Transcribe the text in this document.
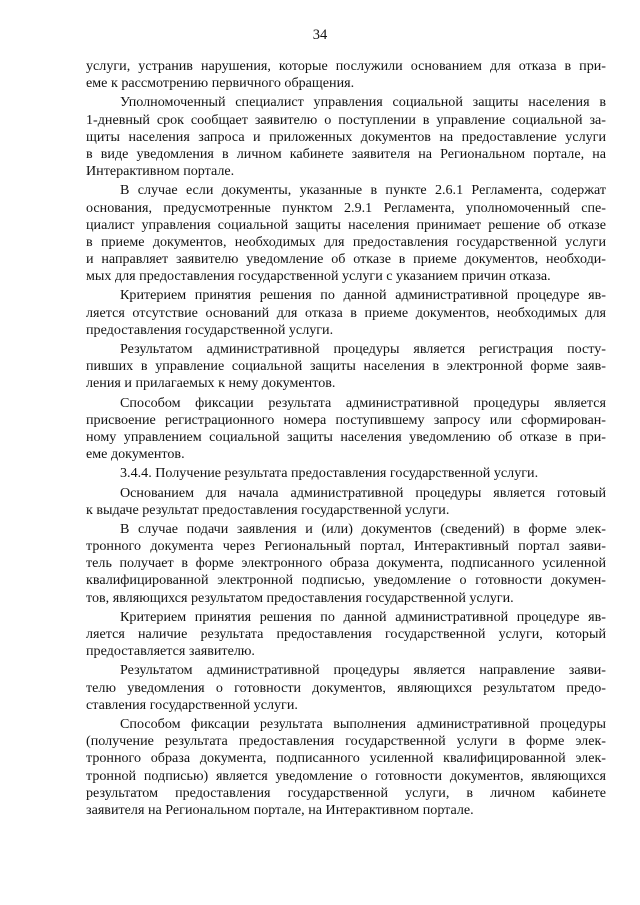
34
услуги, устранив нарушения, которые послужили основанием для отказа в при-
еме к рассмотрению первичного обращения.
Уполномоченный специалист управления социальной защиты населения в
1-дневный срок сообщает заявителю о поступлении в управление социальной за-
щиты населения запроса и приложенных документов на предоставление услуги
в виде уведомления в личном кабинете заявителя на Региональном портале, на
Интерактивном портале.
В случае если документы, указанные в пункте 2.6.1 Регламента, содержат
основания, предусмотренные пунктом 2.9.1 Регламента, уполномоченный спе-
циалист управления социальной защиты населения принимает решение об отказе
в приеме документов, необходимых для предоставления государственной услуги
и направляет заявителю уведомление об отказе в приеме документов, необходи-
мых для предоставления государственной услуги с указанием причин отказа.
Критерием принятия решения по данной административной процедуре яв-
ляется отсутствие оснований для отказа в приеме документов, необходимых для
предоставления государственной услуги.
Результатом административной процедуры является регистрация посту-
пивших в управление социальной защиты населения в электронной форме заяв-
ления и прилагаемых к нему документов.
Способом фиксации результата административной процедуры является
присвоение регистрационного номера поступившему запросу или сформирован-
ному управлением социальной защиты населения уведомлению об отказе в при-
еме документов.
3.4.4. Получение результата предоставления государственной услуги.
Основанием для начала административной процедуры является готовый
к выдаче результат предоставления государственной услуги.
В случае подачи заявления и (или) документов (сведений) в форме элек-
тронного документа через Региональный портал, Интерактивный портал заяви-
тель получает в форме электронного образа документа, подписанного усиленной
квалифицированной электронной подписью, уведомление о готовности докумен-
тов, являющихся результатом предоставления государственной услуги.
Критерием принятия решения по данной административной процедуре яв-
ляется наличие результата предоставления государственной услуги, который
предоставляется заявителю.
Результатом административной процедуры является направление заяви-
телю уведомления о готовности документов, являющихся результатом предо-
ставления государственной услуги.
Способом фиксации результата выполнения административной процедуры
(получение результата предоставления государственной услуги в форме элек-
тронного образа документа, подписанного усиленной квалифицированной элек-
тронной подписью) является уведомление о готовности документов, являющихся
результатом предоставления государственной услуги, в личном кабинете
заявителя на Региональном портале, на Интерактивном портале.
